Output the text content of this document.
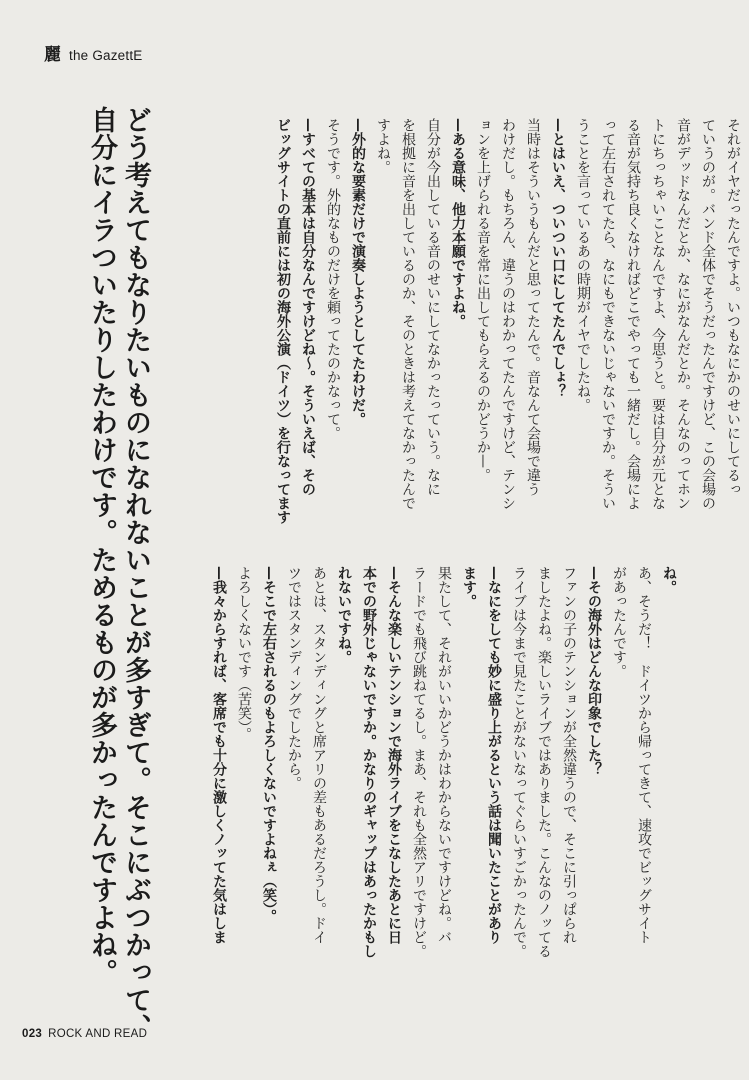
麗 the GazettE
どう考えてもなりたいものになれないことが多すぎて。そこにぶつかって、
自分にイラついたりしたわけです。ためるものが多かったんですよね。	それがイヤだったんですよ。いつもなにかのせいにしてるっ
ていうのが。バンド全体でそうだったんですけど、この会場の
音がデッドなんだとか、なにがなんだとか。そんなのってホン
トにちっちゃいことなんですよ、今思うと。要は自分が元とな
る音が気持ち良くなければどこでやっても一緒だし。会場によ
って左右されてたら、なにもできないじゃないですか。そうい
うことを言っているあの時期がイヤでしたね。
—とはいえ、ついつい口にしてたんでしょ？
当時はそういうもんだと思ってたんで。音なんて会場で違う
わけだし。もちろん、違うのはわかってたんですけど、テンシ
ョンを上げられる音を常に出してもらえるのかどうか—。
—ある意味、他力本願ですよね。
自分が今出している音のせいにしてなかったっていう。なに
を根拠に音を出しているのか、そのときは考えてなかったんで
すよね。
—外的な要素だけで演奏しようとしてたわけだ。
そうです。外的なものだけを頼ってたのかなって。
—すべての基本は自分なんですけどね〜。そういえば、その
ビッグサイトの直前には初の海外公演（ドイツ）を行なってます
ね。
あ、そうだ！　ドイツから帰ってきて、速攻でビッグサイト
があったんです。
—その海外はどんな印象でした？
ファンの子のテンションが全然違うので、そこに引っぱられ
ましたよね。楽しいライブではありました。こんなのノッてる
ライブは今まで見たことがないなってぐらいすごかったんで。
—なにをしても妙に盛り上がるという話は聞いたことがあり
ます。
果たして、それがいいかどうかはわからないですけどね。バ
ラードでも飛び跳ねてるし。まあ、それも全然アリですけど。
—そんな楽しいテンションで海外ライブをこなしたあとに日
本での野外じゃないですか。かなりのギャップはあったかもし
れないですね。
あとは、スタンディングと席アリの差もあるだろうし。ドイ
ツではスタンディングでしたから。
—そこで左右されるのもよろしくないですよねぇ（笑）。
よろしくないです（苦笑）。
—我々からすれば、客席でも十分に激しくノッてた気はしま
023 ROCK AND READ
